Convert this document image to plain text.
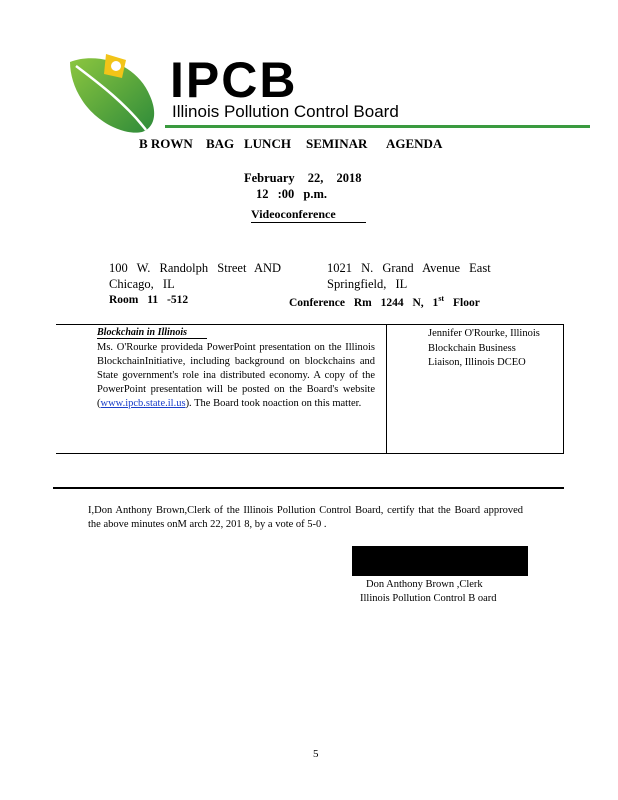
IPCB
Illinois Pollution Control Board
B ROWN BAG LUNCH SEMINAR AGENDA
February 22, 2018
12 :00 p.m.
Videoconference
100 W. Randolph Street AND
Chicago, IL
Room 11 -512
1021 N. Grand Avenue East
Springfield, IL
Conference Rm 1244 N, 1st Floor
Blockchain in Illinois
Ms. O'Rourke provideda PowerPoint presentation on the Illinois BlockchainInitiative, including background on blockchains and State government's role ina distributed economy. A copy of the PowerPoint presentation will be posted on the Board's website (www.ipcb.state.il.us). The Board took noaction on this matter.
Jennifer O'Rourke, Illinois Blockchain Business Liaison, Illinois DCEO
I,Don Anthony Brown,Clerk of the Illinois Pollution Control Board, certify that the Board approved the above minutes onM arch 22, 201 8, by a vote of 5-0 .
Don Anthony Brown ,Clerk
Illinois Pollution Control B oard
5
